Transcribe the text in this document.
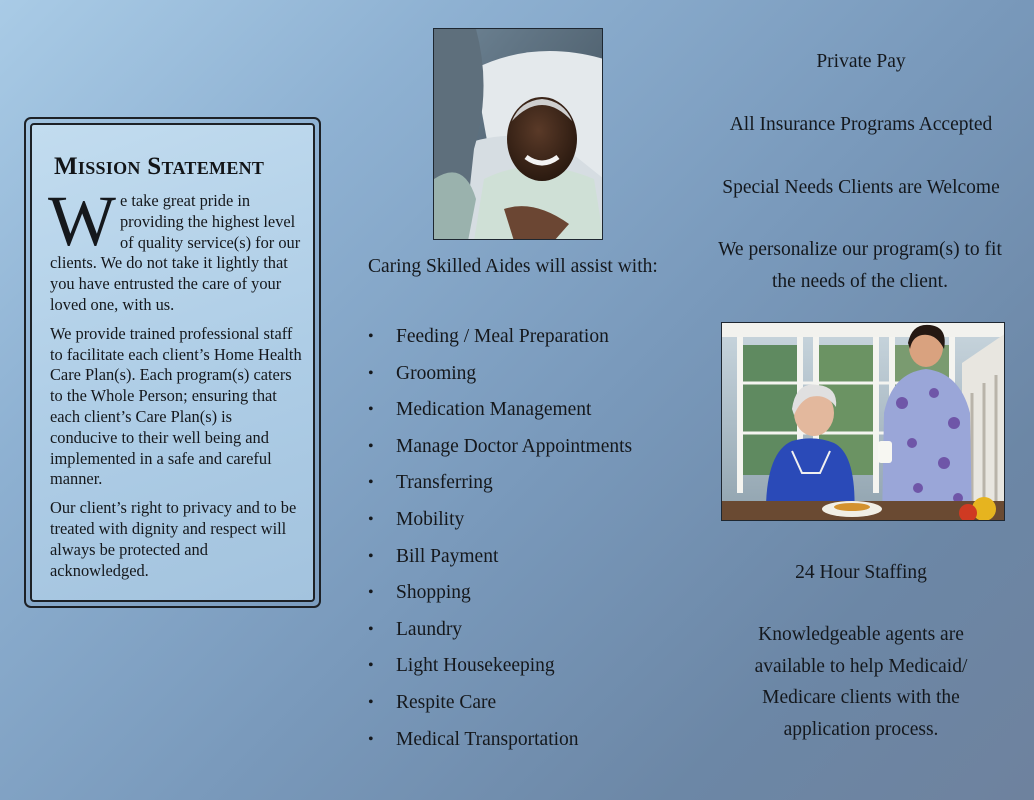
Mission Statement

We take great pride in providing the highest level of quality service(s) for our clients. We do not take it lightly that you have entrusted the care of your loved one, with us.

We provide trained professional staff to facilitate each client’s Home Health Care Plan(s). Each program(s) caters to the Whole Person; ensuring that each client’s Care Plan(s) is conducive to their well being and implemented in a safe and careful manner.

Our client’s right to privacy and to be treated with dignity and respect will always be protected and acknowledged.

Caring Skilled Aides will assist with:
• Feeding / Meal Preparation
• Grooming
• Medication Management
• Manage Doctor Appointments
• Transferring
• Mobility
• Bill Payment
• Shopping
• Laundry
• Light Housekeeping
• Respite Care
• Medical Transportation
Private Pay
All Insurance Programs Accepted
Special Needs Clients are Welcome
We personalize our program(s) to fit the needs of the client.
24 Hour Staffing
Knowledgeable agents are available to help Medicaid/ Medicare clients with the application process.
